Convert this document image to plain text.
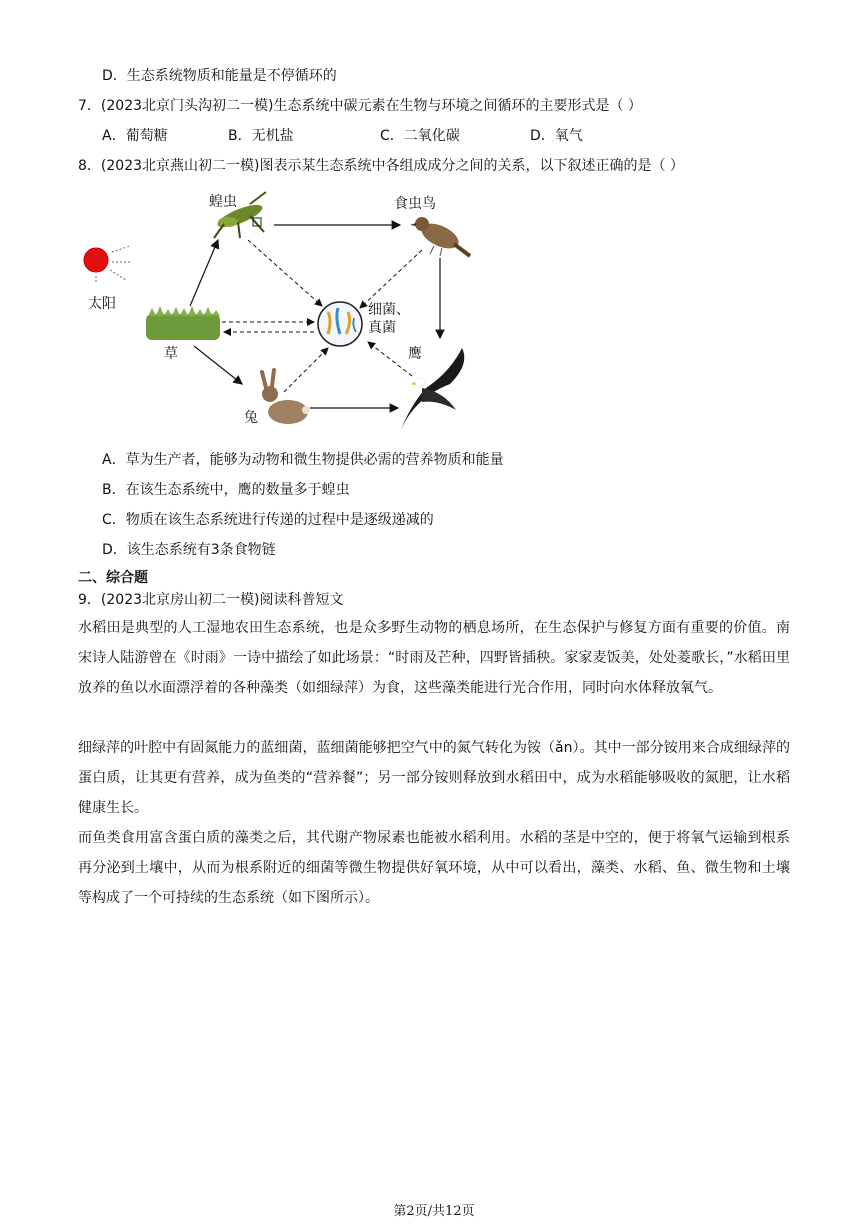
D．生态系统物质和能量是不停循环的
7．(2023北京门头沟初二一模)生态系统中碳元素在生物与环境之间循环的主要形式是（ ）
A．葡萄糖	B．无机盐	C．二氧化碳	D．氧气
8．(2023北京燕山初二一模)图表示某生态系统中各组成成分之间的关系，以下叙述正确的是（ ）
蝗虫	食虫鸟
太阳
草
细菌、
真菌
鹰
兔
A．草为生产者，能够为动物和微生物提供必需的营养物质和能量
B．在该生态系统中，鹰的数量多于蝗虫
C．物质在该生态系统进行传递的过程中是逐级递减的
D．该生态系统有3条食物链
二、综合题
9．(2023北京房山初二一模)阅读科普短文
水稻田是典型的人工湿地农田生态系统，也是众多野生动物的栖息场所，在生态保护与修复方面有重要的价值。南宋诗人陆游曾在《时雨》一诗中描绘了如此场景：“时雨及芒种，四野皆插秧。家家麦饭美，处处菱歌长，”水稻田里放养的鱼以水面漂浮着的各种藻类（如细绿萍）为食，这些藻类能进行光合作用，同时向水体释放氧气。
细绿萍的叶腔中有固氮能力的蓝细菌，蓝细菌能够把空气中的氮气转化为铵（ǎn）。其中一部分铵用来合成细绿萍的蛋白质，让其更有营养，成为鱼类的“营养餐”；另一部分铵则释放到水稻田中，成为水稻能够吸收的氮肥，让水稻健康生长。
而鱼类食用富含蛋白质的藻类之后，其代谢产物尿素也能被水稻利用。水稻的茎是中空的，便于将氧气运输到根系再分泌到土壤中，从而为根系附近的细菌等微生物提供好氧环境，从中可以看出，藻类、水稻、鱼、微生物和土壤等构成了一个可持续的生态系统（如下图所示）。
第2页/共12页
